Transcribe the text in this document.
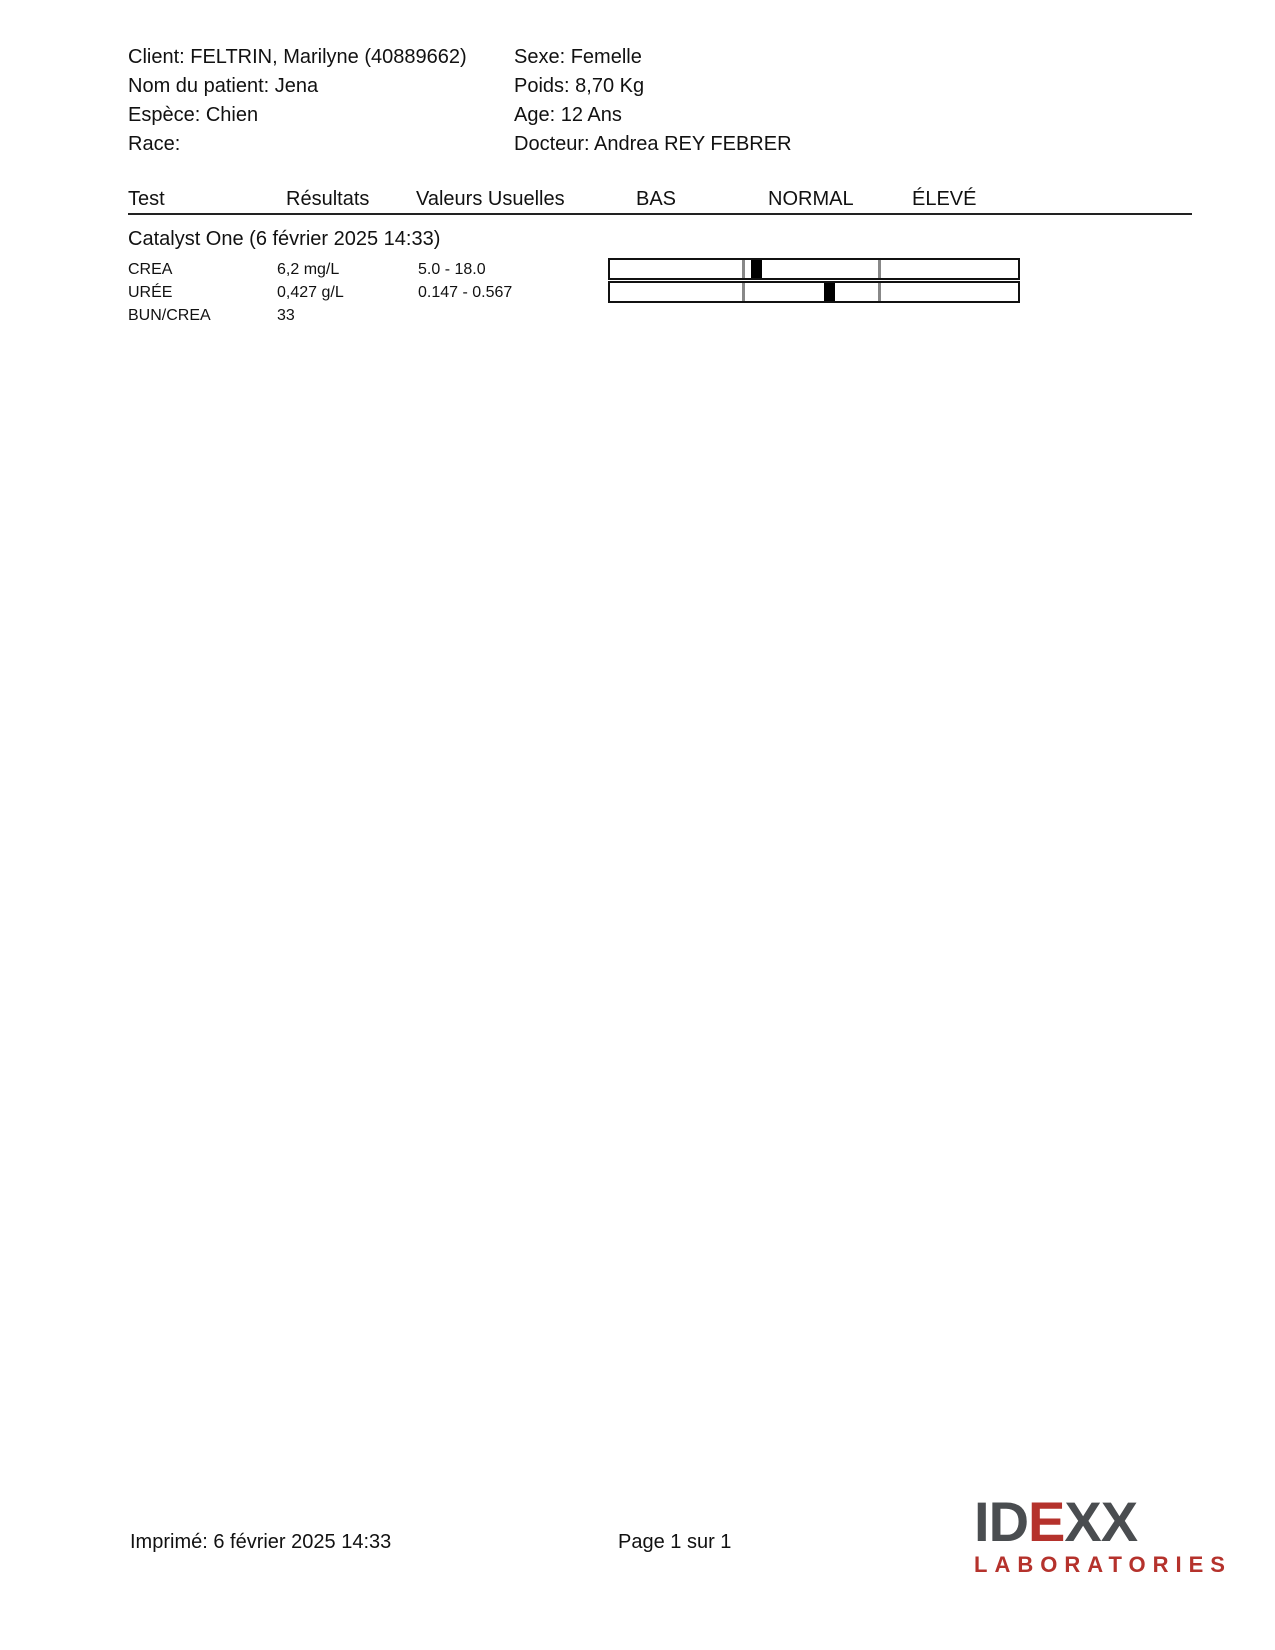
Client: FELTRIN, Marilyne (40889662)
Nom du patient: Jena
Espèce: Chien
Race:
Sexe: Femelle
Poids: 8,70 Kg
Age: 12 Ans
Docteur: Andrea REY FEBRER
Test	Résultats Valeurs Usuelles	BAS	NORMAL	ÉLEVÉ
Catalyst One (6 février 2025 14:33)
CREA	6,2 mg/L	5.0 - 18.0
URÉE	0,427 g/L	0.147 - 0.567
BUN/CREA	33
Imprimé: 6 février 2025 14:33	Page 1 sur 1	IDEXX
LABORATORIES
